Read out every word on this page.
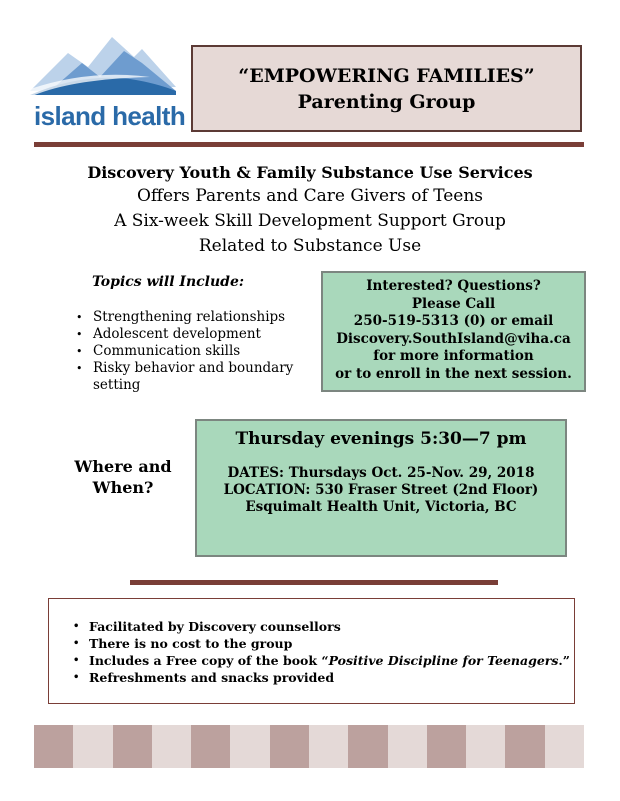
island health
“EMPOWERING FAMILIES”
Parenting Group
Discovery Youth & Family Substance Use Services
Offers Parents and Care Givers of Teens
A Six-week Skill Development Support Group
Related to Substance Use
Topics will Include:
• Strengthening relationships
• Adolescent development
• Communication skills
• Risky behavior and boundary setting
Interested? Questions?
Please Call
250-519-5313 (0) or email
Discovery.SouthIsland@viha.ca
for more information
or to enroll in the next session.
Where and When?
Thursday evenings 5:30—7 pm
DATES: Thursdays Oct. 25-Nov. 29, 2018
LOCATION: 530 Fraser Street (2nd Floor)
Esquimalt Health Unit, Victoria, BC
• Facilitated by Discovery counsellors
• There is no cost to the group
• Includes a Free copy of the book “Positive Discipline for Teenagers.”
• Refreshments and snacks provided
